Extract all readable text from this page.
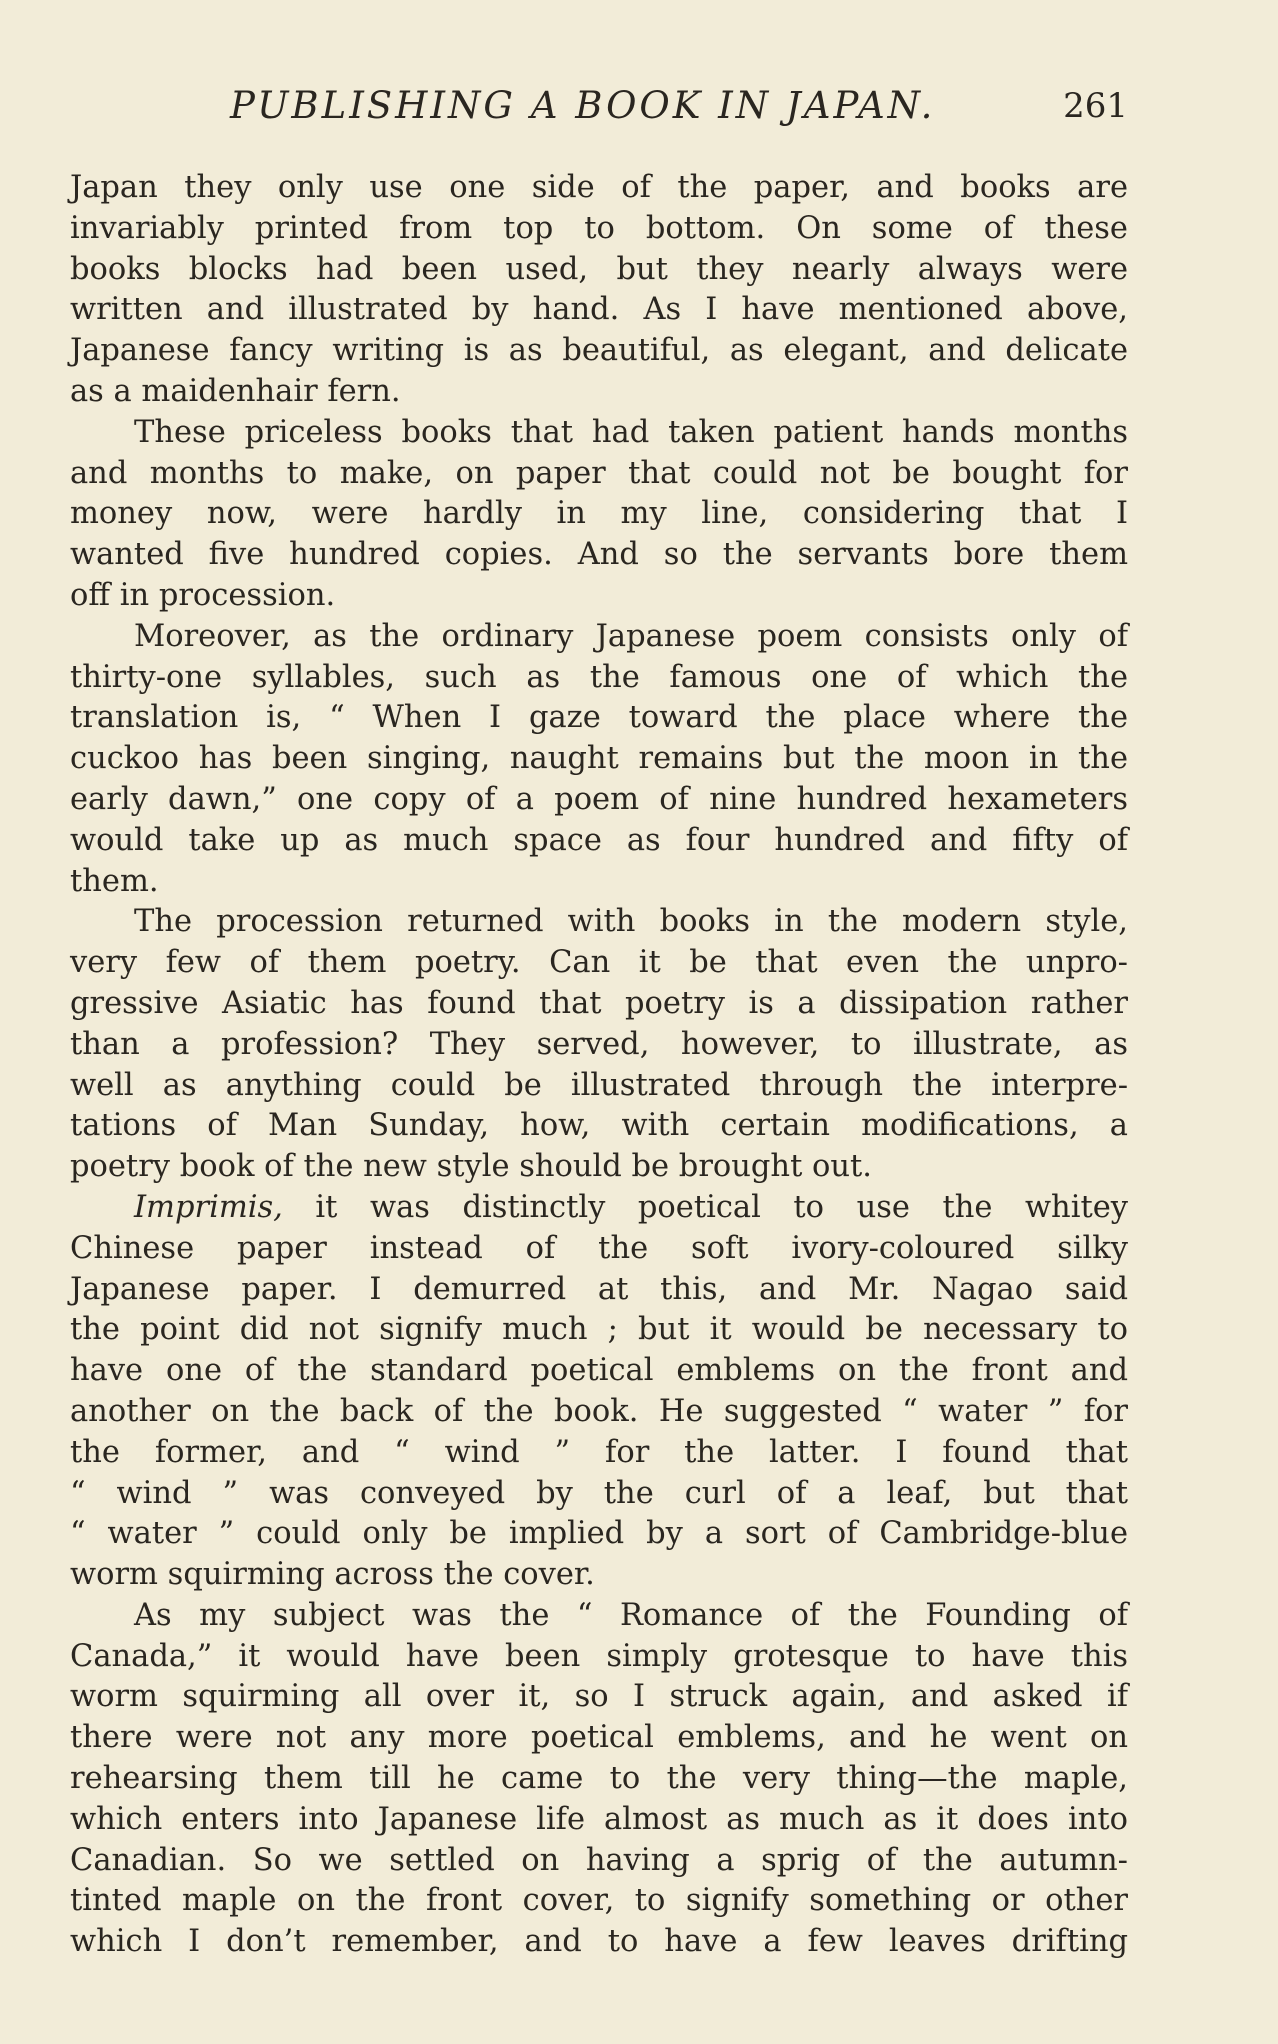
PUBLISHING A BOOK IN JAPAN.	261
Japan they only use one side of the paper, and books are
invariably printed from top to bottom. On some of these
books blocks had been used, but they nearly always were
written and illustrated by hand. As I have mentioned above,
Japanese fancy writing is as beautiful, as elegant, and delicate
as a maidenhair fern.
These priceless books that had taken patient hands months
and months to make, on paper that could not be bought for
money now, were hardly in my line, considering that I
wanted five hundred copies. And so the servants bore them
off in procession.
Moreover, as the ordinary Japanese poem consists only of
thirty-one syllables, such as the famous one of which the
translation is, “ When I gaze toward the place where the
cuckoo has been singing, naught remains but the moon in the
early dawn,” one copy of a poem of nine hundred hexameters
would take up as much space as four hundred and fifty of
them.
The procession returned with books in the modern style,
very few of them poetry. Can it be that even the unpro-
gressive Asiatic has found that poetry is a dissipation rather
than a profession? They served, however, to illustrate, as
well as anything could be illustrated through the interpre-
tations of Man Sunday, how, with certain modifications, a
poetry book of the new style should be brought out.
Imprimis, it was distinctly poetical to use the whitey
Chinese paper instead of the soft ivory-coloured silky
Japanese paper. I demurred at this, and Mr. Nagao said
the point did not signify much ; but it would be necessary to
have one of the standard poetical emblems on the front and
another on the back of the book. He suggested “ water ” for
the former, and “ wind ” for the latter. I found that
“ wind ” was conveyed by the curl of a leaf, but that
“ water ” could only be implied by a sort of Cambridge-blue
worm squirming across the cover.
As my subject was the “ Romance of the Founding of
Canada,” it would have been simply grotesque to have this
worm squirming all over it, so I struck again, and asked if
there were not any more poetical emblems, and he went on
rehearsing them till he came to the very thing—the maple,
which enters into Japanese life almost as much as it does into
Canadian. So we settled on having a sprig of the autumn-
tinted maple on the front cover, to signify something or other
which I don’t remember, and to have a few leaves drifting
